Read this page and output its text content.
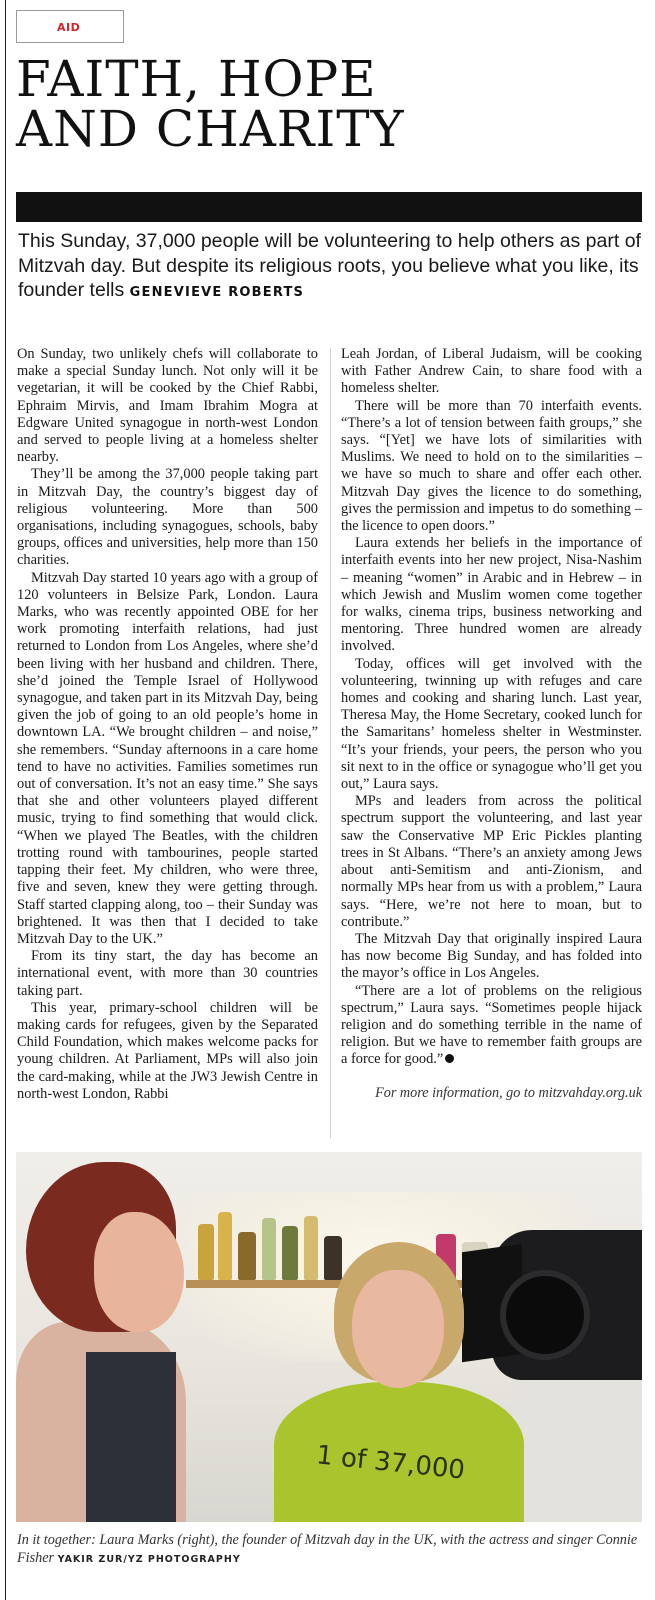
AID
FAITH, HOPE
AND CHARITY

This Sunday, 37,000 people will be volunteering to help others as part of Mitzvah day. But despite its religious roots, you believe what you like, its founder tells GENEVIEVE ROBERTS

On Sunday, two unlikely chefs will collaborate to make a special Sunday lunch. Not only will it be vegetarian, it will be cooked by the Chief Rabbi, Ephraim Mirvis, and Imam Ibrahim Mogra at Edgware United synagogue in north-west London and served to people living at a homeless shelter nearby.

They’ll be among the 37,000 people taking part in Mitzvah Day, the country’s biggest day of religious volunteering. More than 500 organisations, including synagogues, schools, baby groups, offices and universities, help more than 150 charities.

Mitzvah Day started 10 years ago with a group of 120 volunteers in Belsize Park, London. Laura Marks, who was recently appointed OBE for her work promoting interfaith relations, had just returned to London from Los Angeles, where she’d been living with her husband and children. There, she’d joined the Temple Israel of Hollywood synagogue, and taken part in its Mitzvah Day, being given the job of going to an old people’s home in downtown LA. “We brought children – and noise,” she remembers. “Sunday afternoons in a care home tend to have no activities. Families sometimes run out of conversation. It’s not an easy time.” She says that she and other volunteers played different music, trying to find something that would click. “When we played The Beatles, with the children trotting round with tambourines, people started tapping their feet. My children, who were three, five and seven, knew they were getting through. Staff started clapping along, too – their Sunday was brightened. It was then that I decided to take Mitzvah Day to the UK.”

From its tiny start, the day has become an international event, with more than 30 countries taking part.

This year, primary-school children will be making cards for refugees, given by the Separated Child Foundation, which makes welcome packs for young children. At Parliament, MPs will also join the card-making, while at the JW3 Jewish Centre in north-west London, Rabbi

Leah Jordan, of Liberal Judaism, will be cooking with Father Andrew Cain, to share food with a homeless shelter.

There will be more than 70 interfaith events. “There’s a lot of tension between faith groups,” she says. “[Yet] we have lots of similarities with Muslims. We need to hold on to the similarities – we have so much to share and offer each other. Mitzvah Day gives the licence to do something, gives the permission and impetus to do something – the licence to open doors.”

Laura extends her beliefs in the importance of interfaith events into her new project, Nisa-Nashim – meaning “women” in Arabic and in Hebrew – in which Jewish and Muslim women come together for walks, cinema trips, business networking and mentoring. Three hundred women are already involved.

Today, offices will get involved with the volunteering, twinning up with refuges and care homes and cooking and sharing lunch. Last year, Theresa May, the Home Secretary, cooked lunch for the Samaritans’ homeless shelter in Westminster. “It’s your friends, your peers, the person who you sit next to in the office or synagogue who’ll get you out,” Laura says.

MPs and leaders from across the political spectrum support the volunteering, and last year saw the Conservative MP Eric Pickles planting trees in St Albans. “There’s an anxiety among Jews about anti-Semitism and anti-Zionism, and normally MPs hear from us with a problem,” Laura says. “Here, we’re not here to moan, but to contribute.”

The Mitzvah Day that originally inspired Laura has now become Big Sunday, and has folded into the mayor’s office in Los Angeles.

“There are a lot of problems on the religious spectrum,” Laura says. “Sometimes people hijack religion and do something terrible in the name of religion. But we have to remember faith groups are a force for good.”

For more information, go to mitzvahday.org.uk

1 of 37,000

In it together: Laura Marks (right), the founder of Mitzvah day in the UK, with the actress and singer Connie Fisher YAKIR ZUR/YZ PHOTOGRAPHY
